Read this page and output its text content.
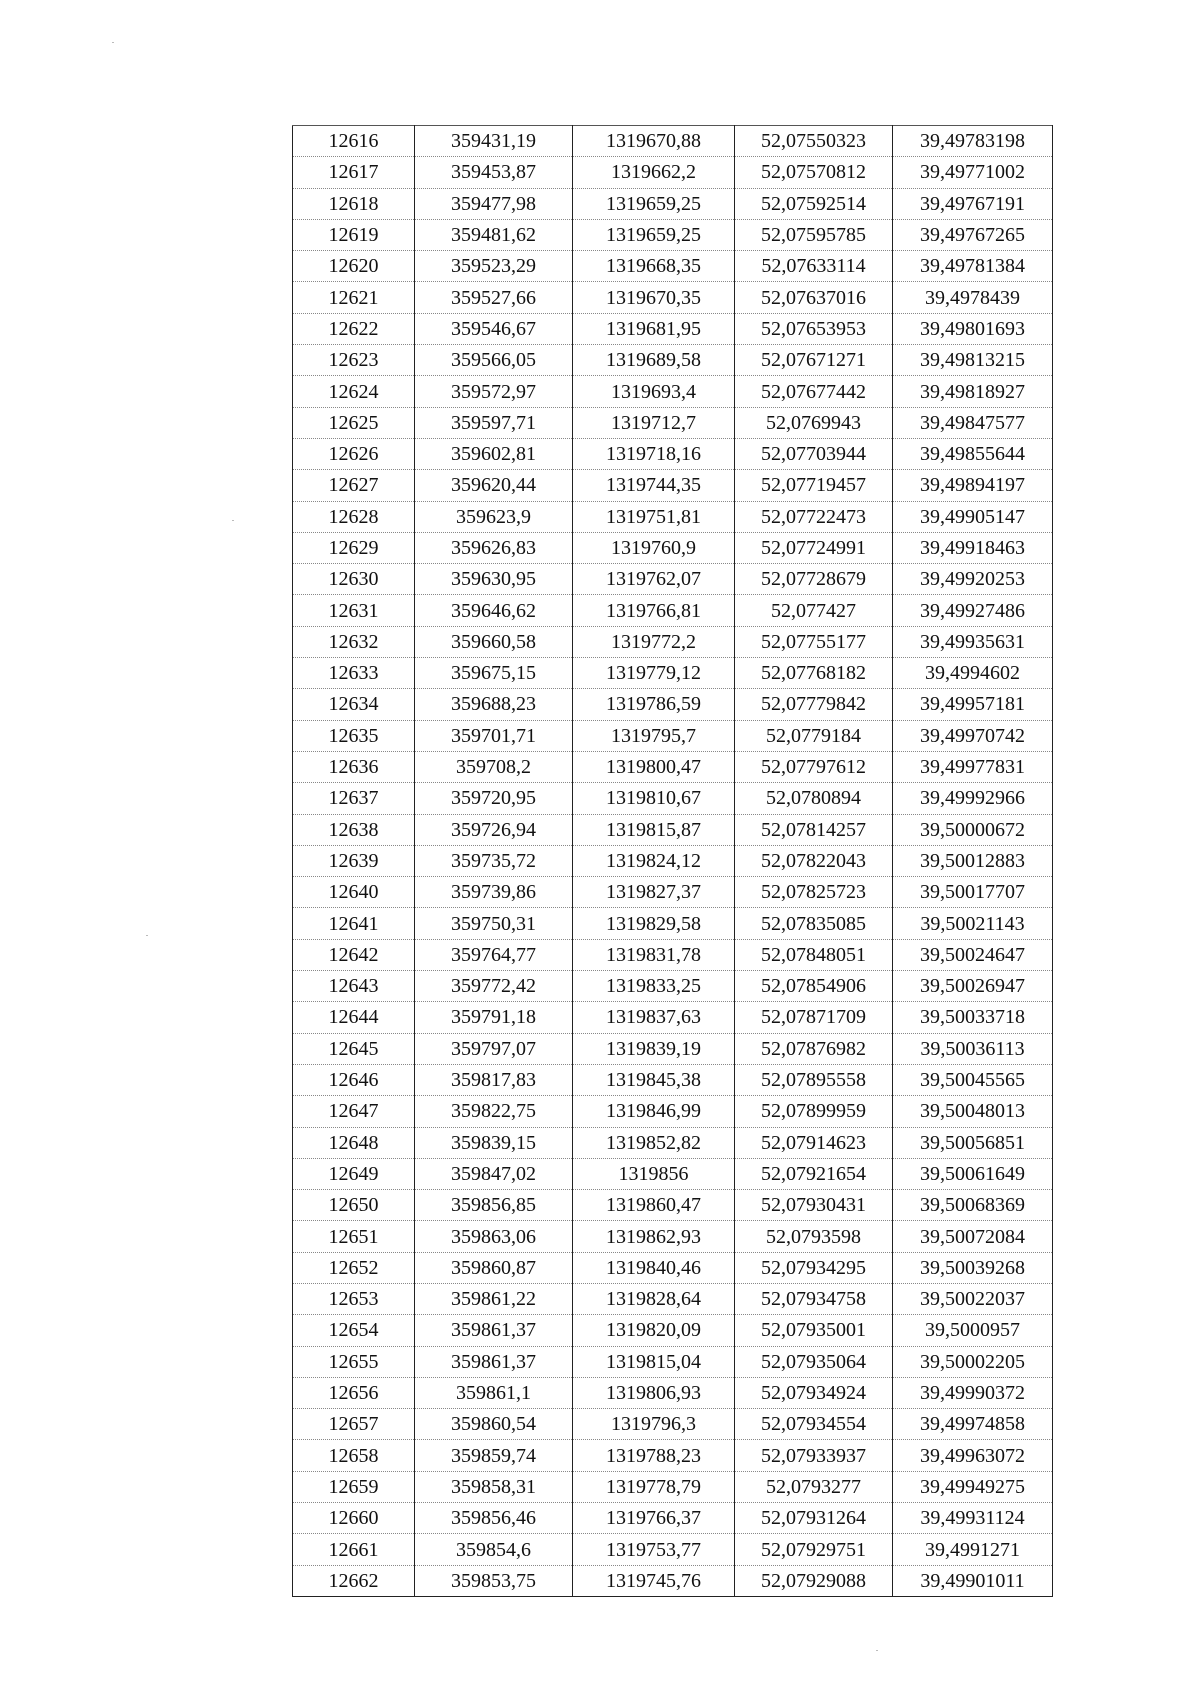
12616	359431,19	1319670,88	52,07550323	39,49783198
12617	359453,87	1319662,2	52,07570812	39,49771002
12618	359477,98	1319659,25	52,07592514	39,49767191
12619	359481,62	1319659,25	52,07595785	39,49767265
12620	359523,29	1319668,35	52,07633114	39,49781384
12621	359527,66	1319670,35	52,07637016	39,4978439
12622	359546,67	1319681,95	52,07653953	39,49801693
12623	359566,05	1319689,58	52,07671271	39,49813215
12624	359572,97	1319693,4	52,07677442	39,49818927
12625	359597,71	1319712,7	52,0769943	39,49847577
12626	359602,81	1319718,16	52,07703944	39,49855644
12627	359620,44	1319744,35	52,07719457	39,49894197
12628	359623,9	1319751,81	52,07722473	39,49905147
12629	359626,83	1319760,9	52,07724991	39,49918463
12630	359630,95	1319762,07	52,07728679	39,49920253
12631	359646,62	1319766,81	52,077427	39,49927486
12632	359660,58	1319772,2	52,07755177	39,49935631
12633	359675,15	1319779,12	52,07768182	39,4994602
12634	359688,23	1319786,59	52,07779842	39,49957181
12635	359701,71	1319795,7	52,0779184	39,49970742
12636	359708,2	1319800,47	52,07797612	39,49977831
12637	359720,95	1319810,67	52,0780894	39,49992966
12638	359726,94	1319815,87	52,07814257	39,50000672
12639	359735,72	1319824,12	52,07822043	39,50012883
12640	359739,86	1319827,37	52,07825723	39,50017707
12641	359750,31	1319829,58	52,07835085	39,50021143
12642	359764,77	1319831,78	52,07848051	39,50024647
12643	359772,42	1319833,25	52,07854906	39,50026947
12644	359791,18	1319837,63	52,07871709	39,50033718
12645	359797,07	1319839,19	52,07876982	39,50036113
12646	359817,83	1319845,38	52,07895558	39,50045565
12647	359822,75	1319846,99	52,07899959	39,50048013
12648	359839,15	1319852,82	52,07914623	39,50056851
12649	359847,02	1319856	52,07921654	39,50061649
12650	359856,85	1319860,47	52,07930431	39,50068369
12651	359863,06	1319862,93	52,0793598	39,50072084
12652	359860,87	1319840,46	52,07934295	39,50039268
12653	359861,22	1319828,64	52,07934758	39,50022037
12654	359861,37	1319820,09	52,07935001	39,5000957
12655	359861,37	1319815,04	52,07935064	39,50002205
12656	359861,1	1319806,93	52,07934924	39,49990372
12657	359860,54	1319796,3	52,07934554	39,49974858
12658	359859,74	1319788,23	52,07933937	39,49963072
12659	359858,31	1319778,79	52,0793277	39,49949275
12660	359856,46	1319766,37	52,07931264	39,49931124
12661	359854,6	1319753,77	52,07929751	39,4991271
12662	359853,75	1319745,76	52,07929088	39,49901011
